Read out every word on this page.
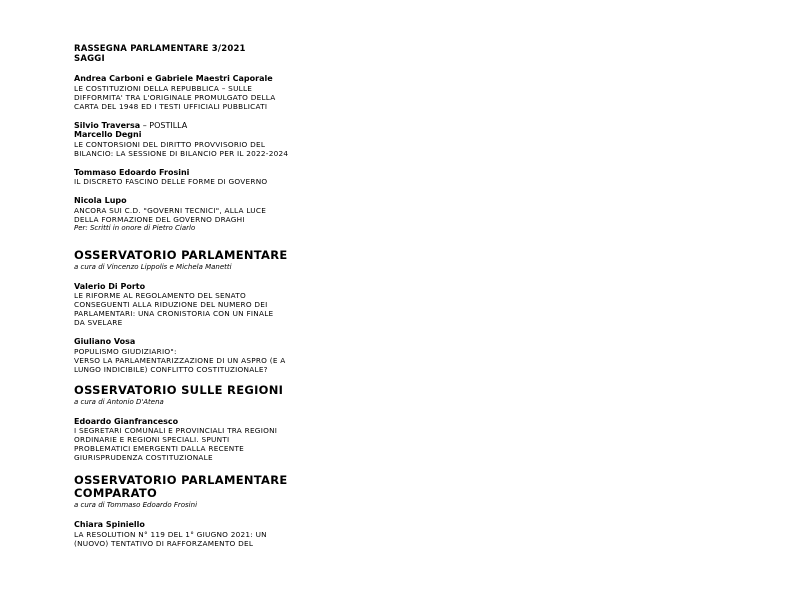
RASSEGNA PARLAMENTARE 3/2021
SAGGI
Andrea Carboni e Gabriele Maestri Caporale
LE COSTITUZIONI DELLA REPUBBLICA – SULLE
DIFFORMITA' TRA L'ORIGINALE PROMULGATO DELLA
CARTA DEL 1948 ED I TESTI UFFICIALI PUBBLICATI
Silvio Traversa – POSTILLA
Marcello Degni
LE CONTORSIONI DEL DIRITTO PROVVISORIO DEL
BILANCIO: LA SESSIONE DI BILANCIO PER IL 2022-2024
Tommaso Edoardo Frosini
IL DISCRETO FASCINO DELLE FORME DI GOVERNO
Nicola Lupo
ANCORA SUI C.D. "GOVERNI TECNICI", ALLA LUCE
DELLA FORMAZIONE DEL GOVERNO DRAGHI
Per: Scritti in onore di Pietro Ciarlo
OSSERVATORIO PARLAMENTARE
a cura di Vincenzo Lippolis e Michela Manetti
Valerio Di Porto
LE RIFORME AL REGOLAMENTO DEL SENATO
CONSEGUENTI ALLA RIDUZIONE DEL NUMERO DEI
PARLAMENTARI: UNA CRONISTORIA CON UN FINALE
DA SVELARE
Giuliano Vosa
POPULISMO GIUDIZIARIO":
VERSO LA PARLAMENTARIZZAZIONE DI UN ASPRO (E A
LUNGO INDICIBILE) CONFLITTO COSTITUZIONALE?
OSSERVATORIO SULLE REGIONI
a cura di Antonio D'Atena
Edoardo Gianfrancesco
I SEGRETARI COMUNALI E PROVINCIALI TRA REGIONI
ORDINARIE E REGIONI SPECIALI. SPUNTI
PROBLEMATICI EMERGENTI DALLA RECENTE
GIURISPRUDENZA COSTITUZIONALE
OSSERVATORIO PARLAMENTARE
COMPARATO
a cura di Tommaso Edoardo Frosini
Chiara Spiniello
LA RESOLUTION N° 119 DEL 1° GIUGNO 2021: UN
(NUOVO) TENTATIVO DI RAFFORZAMENTO DEL
